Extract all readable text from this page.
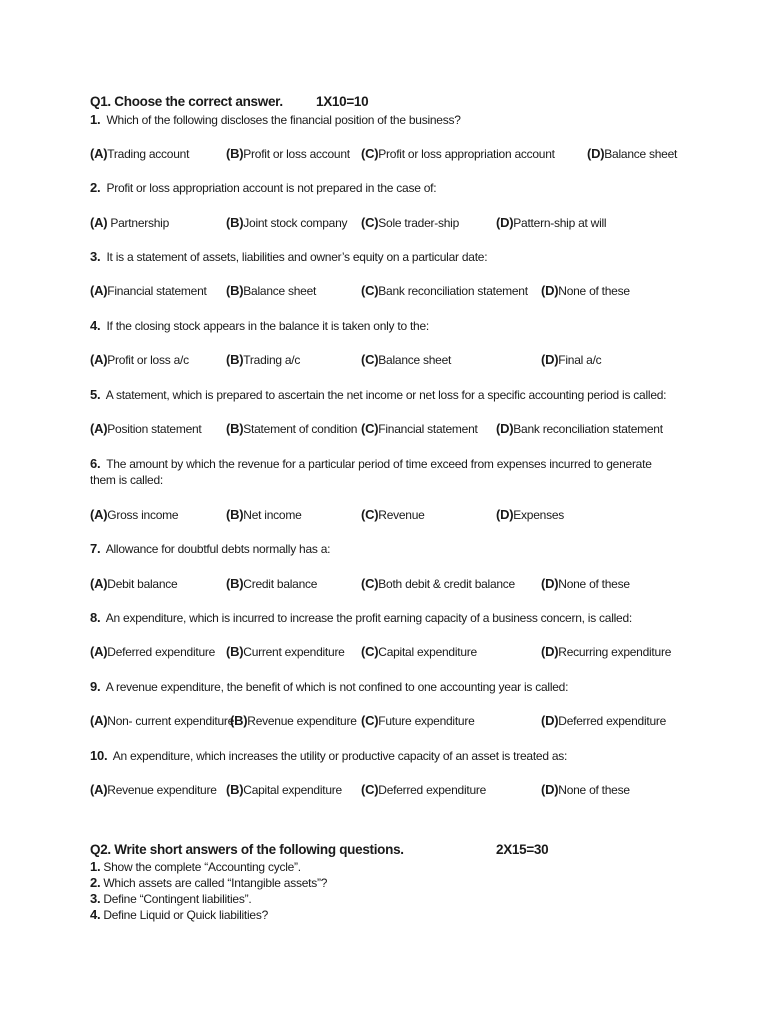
Q1. Choose the correct answer. 1X10=10
1. Which of the following discloses the financial position of the business?
(A)Trading account	(B)Profit or loss account (C)Profit or loss appropriation account (D)Balance sheet
2. Profit or loss appropriation account is not prepared in the case of:
(A) Partnership	(B)Joint stock company (C)Sole trader-ship	(D)Pattern-ship at will
3. It is a statement of assets, liabilities and owner’s equity on a particular date:
(A)Financial statement (B)Balance sheet	(C)Bank reconciliation statement (D)None of these
4. If the closing stock appears in the balance it is taken only to the:
(A)Profit or loss a/c	(B)Trading a/c	(C)Balance sheet	(D)Final a/c
5. A statement, which is prepared to ascertain the net income or net loss for a specific accounting period is called:
(A)Position statement (B)Statement of condition (C)Financial statement (D)Bank reconciliation statement
6. The amount by which the revenue for a particular period of time exceed from expenses incurred to generate them is called:
(A)Gross income	(B)Net income	(C)Revenue	(D)Expenses
7. Allowance for doubtful debts normally has a:
(A)Debit balance	(B)Credit balance	(C)Both debit & credit balance (D)None of these
8. An expenditure, which is incurred to increase the profit earning capacity of a business concern, is called:
(A)Deferred expenditure (B)Current expenditure (C)Capital expenditure	(D)Recurring expenditure
9. A revenue expenditure, the benefit of which is not confined to one accounting year is called:
(A)Non- current expenditure
(B)Revenue expenditure (C)Future expenditure	(D)Deferred expenditure
10. An expenditure, which increases the utility or productive capacity of an asset is treated as:
(A)Revenue expenditure (B)Capital expenditure (C)Deferred expenditure	(D)None of these
Q2. Write short answers of the following questions.	2X15=30
1. Show the complete “Accounting cycle”.
2. Which assets are called “Intangible assets”?
3. Define “Contingent liabilities”.
4. Define Liquid or Quick liabilities?
